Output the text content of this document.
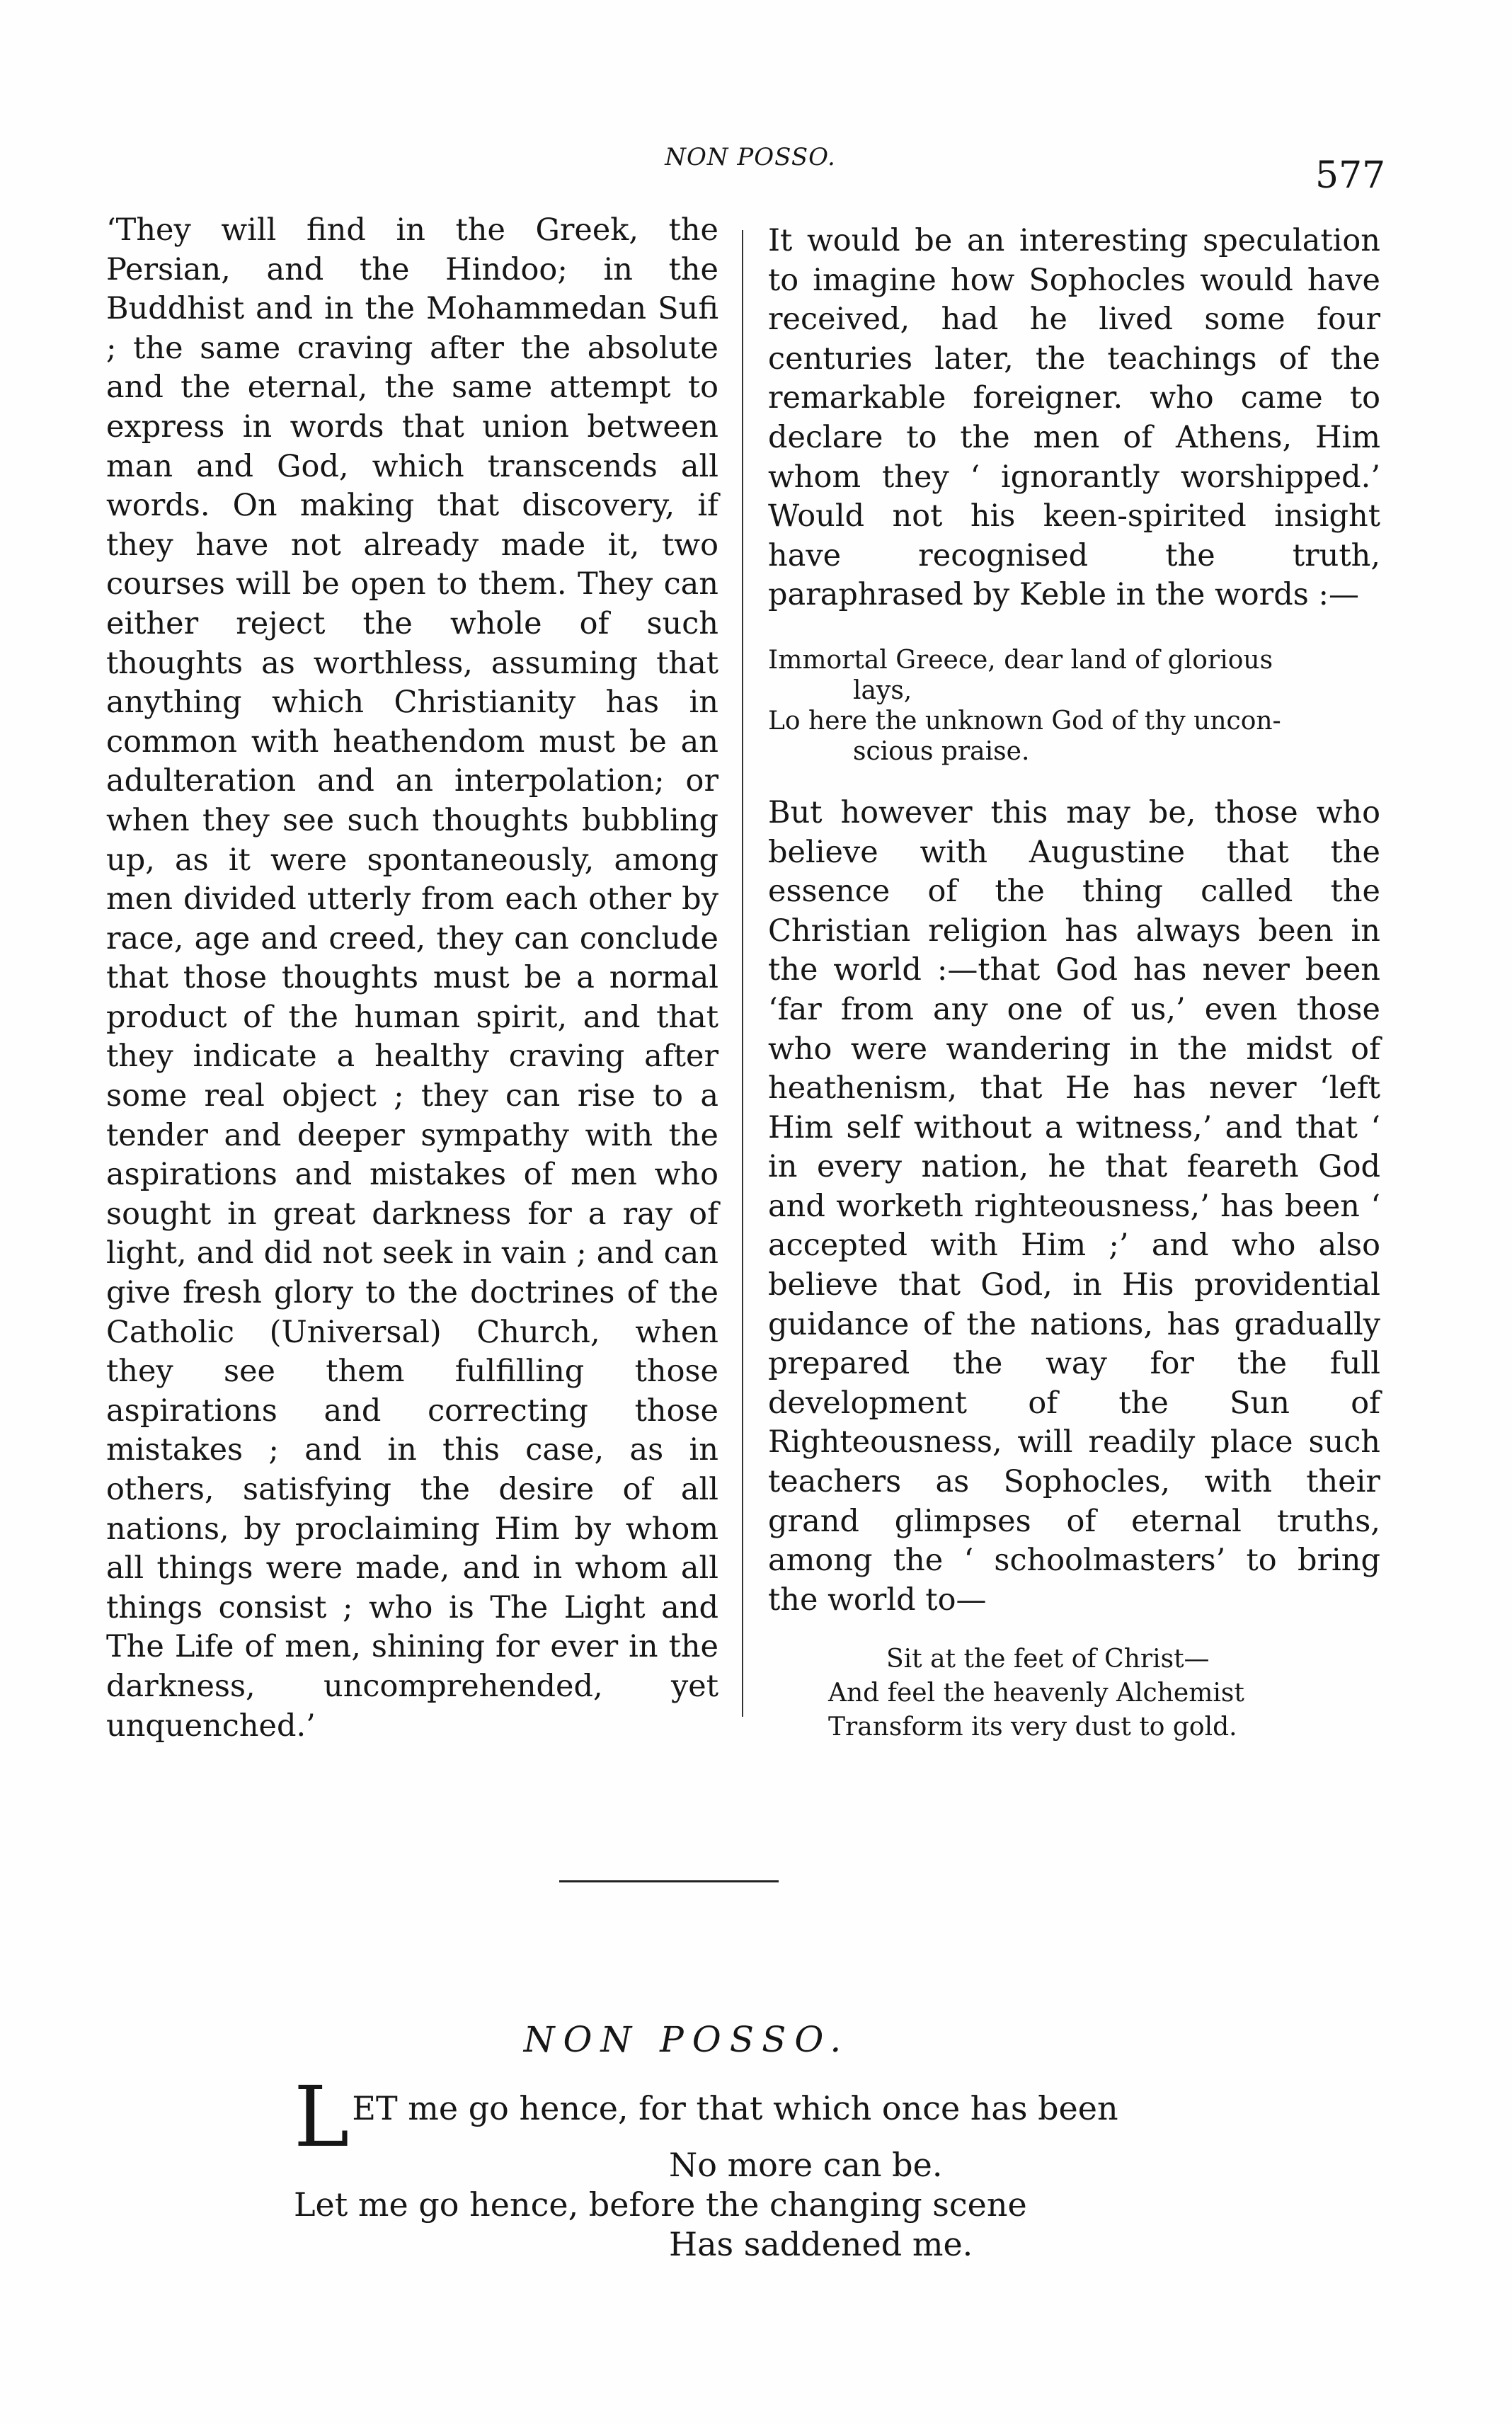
NON POSSO.	577

‘They will find in the Greek, the Persian, and the Hindoo; in the Buddhist and in the Mohammedan Sufi ; the same craving after the absolute and the eternal, the same attempt to express in words that union between man and God, which transcends all words. On making that discovery, if they have not already made it, two courses will be open to them. They can either reject the whole of such thoughts as worthless, assuming that anything which Christianity has in common with heathendom must be an adulteration and an interpolation; or when they see such thoughts bubbling up, as it were spontaneously, among men divided utterly from each other by race, age and creed, they can conclude that those thoughts must be a normal product of the human spirit, and that they indicate a healthy craving after some real object ; they can rise to a tender and deeper sympathy with the aspirations and mistakes of men who sought in great darkness for a ray of light, and did not seek in vain ; and can give fresh glory to the doctrines of the Catholic (Universal) Church, when they see them fulfilling those aspirations and correcting those mistakes ; and in this case, as in others, satisfying the desire of all nations, by proclaiming Him by whom all things were made, and in whom all things consist ; who is The Light and The Life of men, shining for ever in the darkness, uncomprehended, yet unquenched.’

It would be an interesting speculation to imagine how Sophocles would have received, had he lived some four centuries later, the teachings of the remarkable foreigner. who came to declare to the men of Athens, Him whom they ‘ ignorantly worshipped.’ Would not his keen-spirited insight have recognised the truth, paraphrased by Keble in the words :—

Immortal Greece, dear land of glorious
lays,
Lo here the unknown God of thy uncon-
scious praise.

But however this may be, those who believe with Augustine that the essence of the thing called the Christian religion has always been in the world :—that God has never been ‘far from any one of us,’ even those who were wandering in the midst of heathenism, that He has never ‘left Him self without a witness,’ and that ‘ in every nation, he that feareth God and worketh righteousness,’ has been ‘ accepted with Him ;’ and who also believe that God, in His providential guidance of the nations, has gradually prepared the way for the full development of the Sun of Righteousness, will readily place such teachers as Sophocles, with their grand glimpses of eternal truths, among the ‘ schoolmasters’ to bring the world to—

Sit at the feet of Christ—
And feel the heavenly Alchemist
Transform its very dust to gold.
NON POSSO.
LET me go hence, for that which once has been
No more can be.
Let me go hence, before the changing scene
Has saddened me.
